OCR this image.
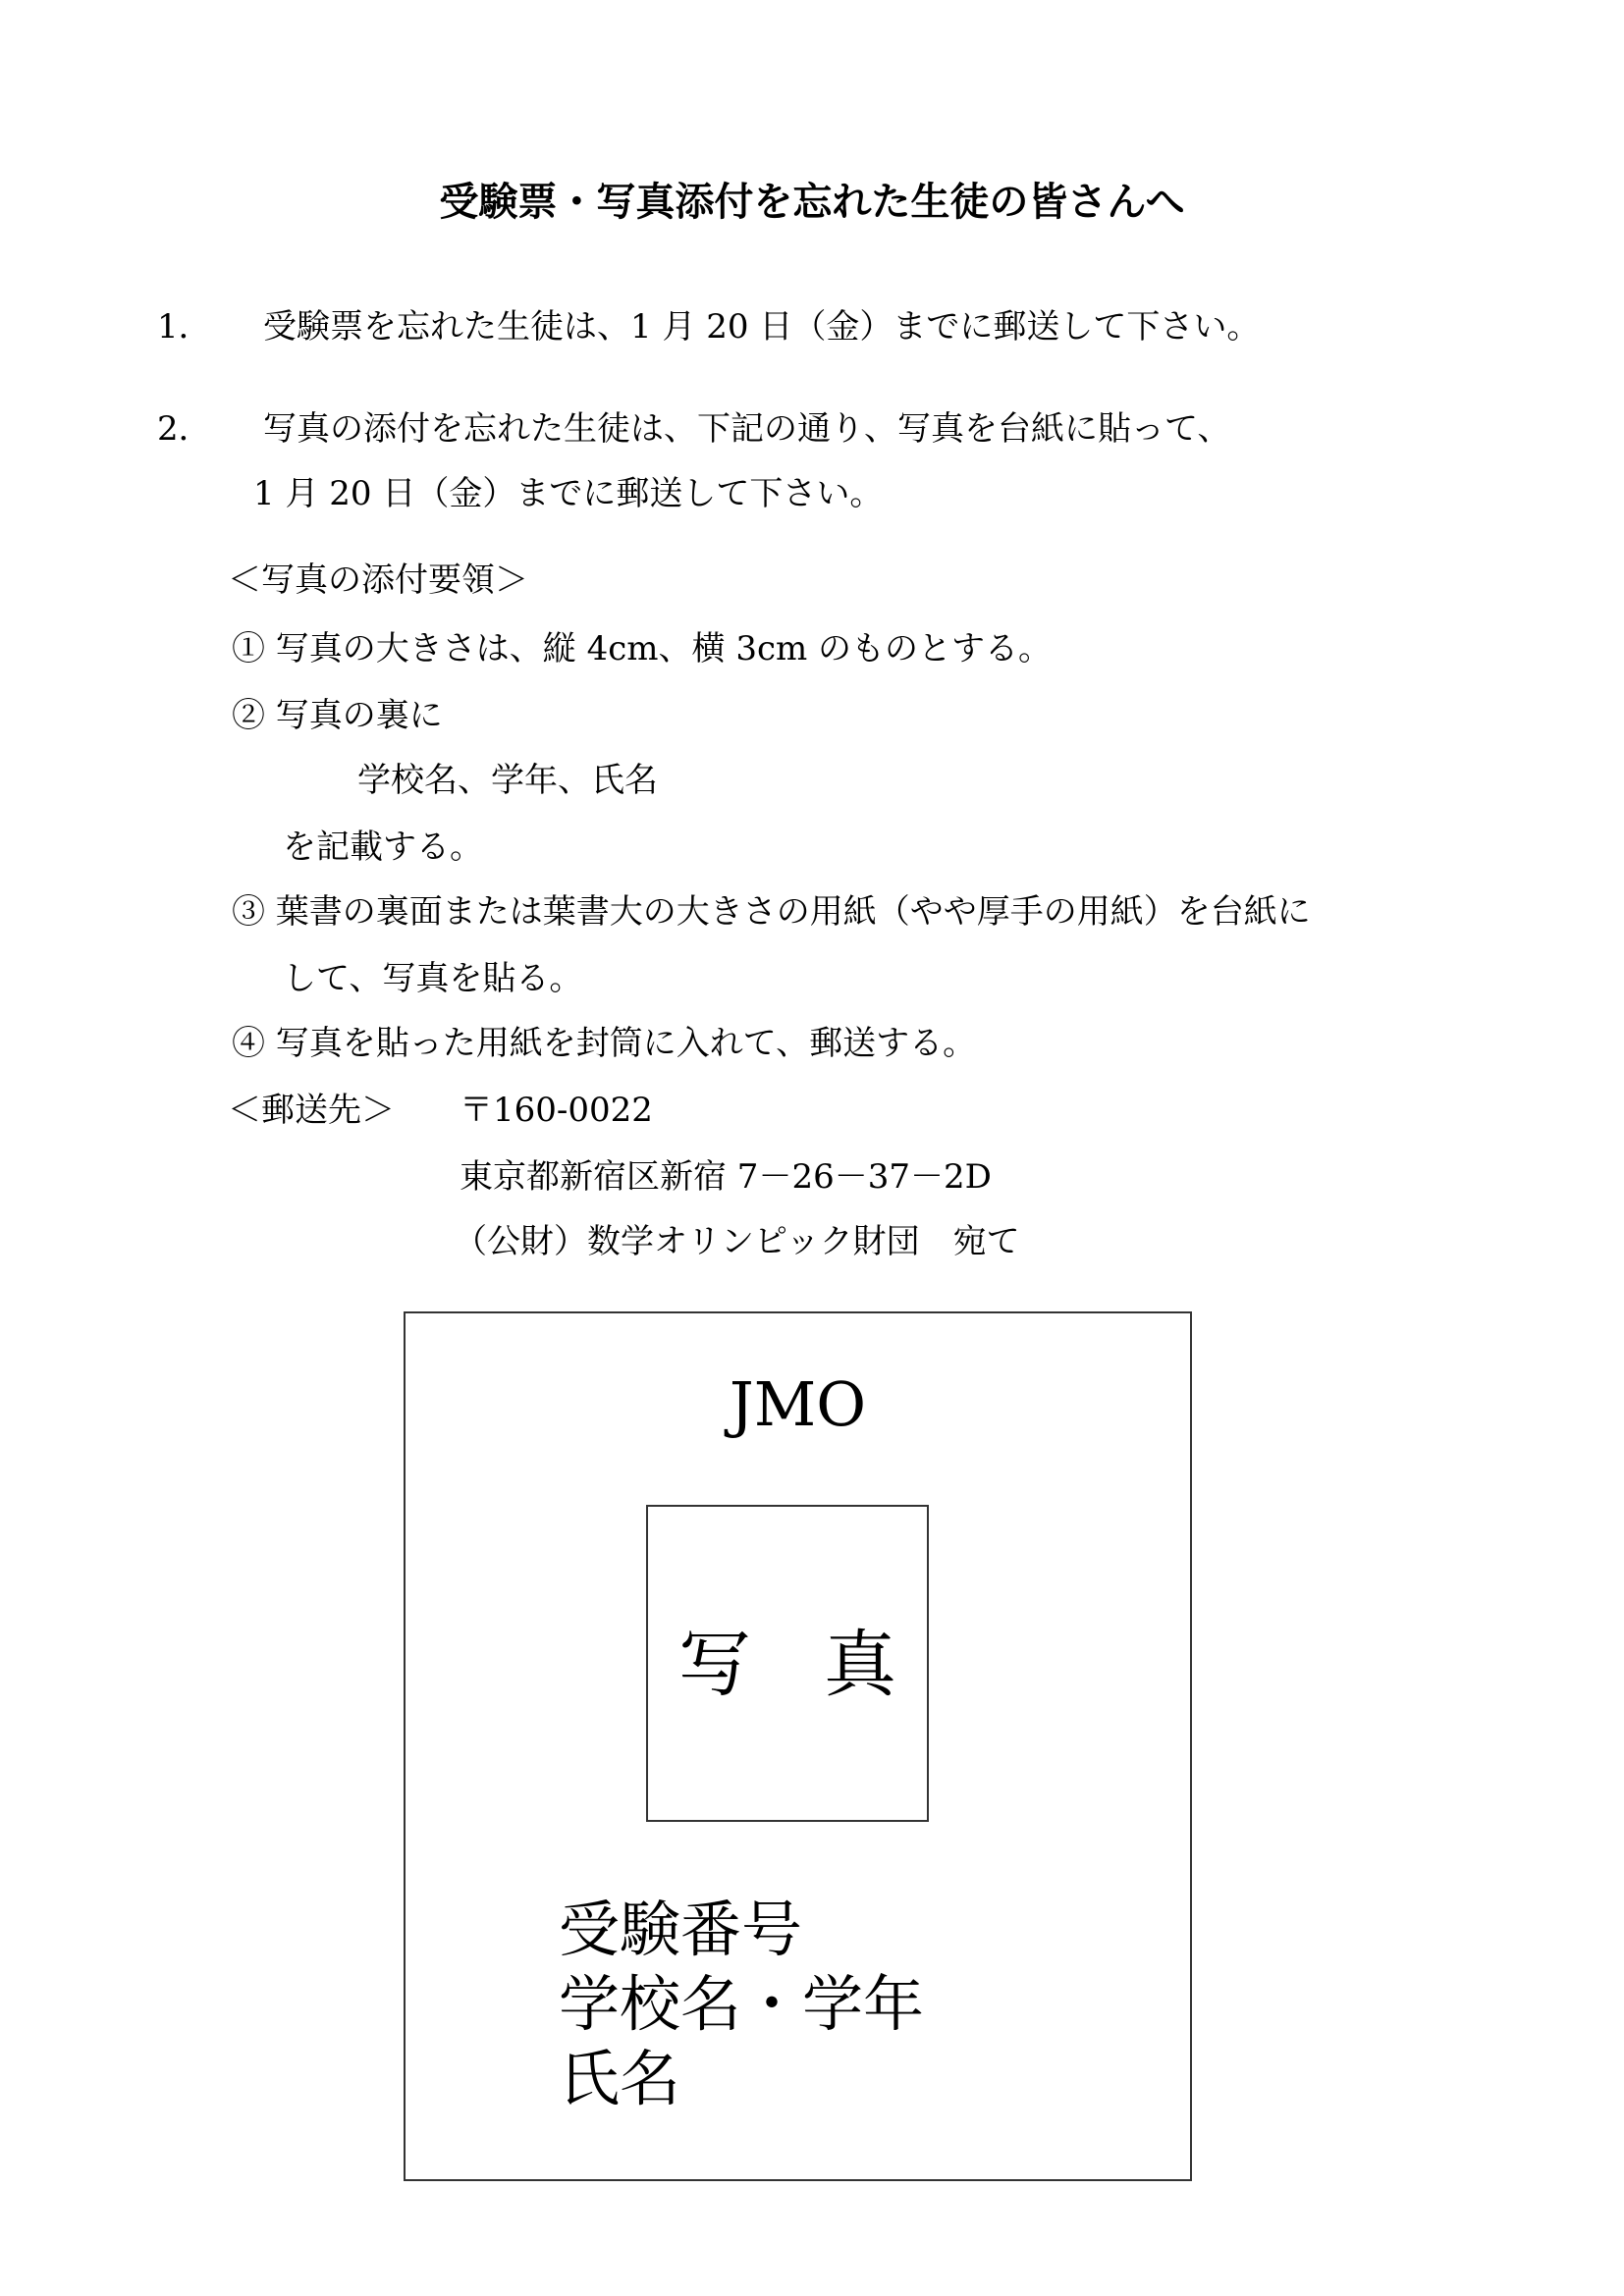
受験票・写真添付を忘れた生徒の皆さんへ
1． 受験票を忘れた生徒は、1 月 20 日（金）までに郵送して下さい。
2． 写真の添付を忘れた生徒は、下記の通り、写真を台紙に貼って、
1 月 20 日（金）までに郵送して下さい。
＜写真の添付要領＞
① 写真の大きさは、縦 4cm、横 3cm のものとする。
② 写真の裏に
学校名、学年、氏名
を記載する。
③ 葉書の裏面または葉書大の大きさの用紙（やや厚手の用紙）を台紙に
して、写真を貼る。
④ 写真を貼った用紙を封筒に入れて、郵送する。
＜郵送先＞ 〒160-0022
東京都新宿区新宿 7－26－37－2D
（公財）数学オリンピック財団　宛て
JMO
写　真
受験番号
学校名・学年
氏名
